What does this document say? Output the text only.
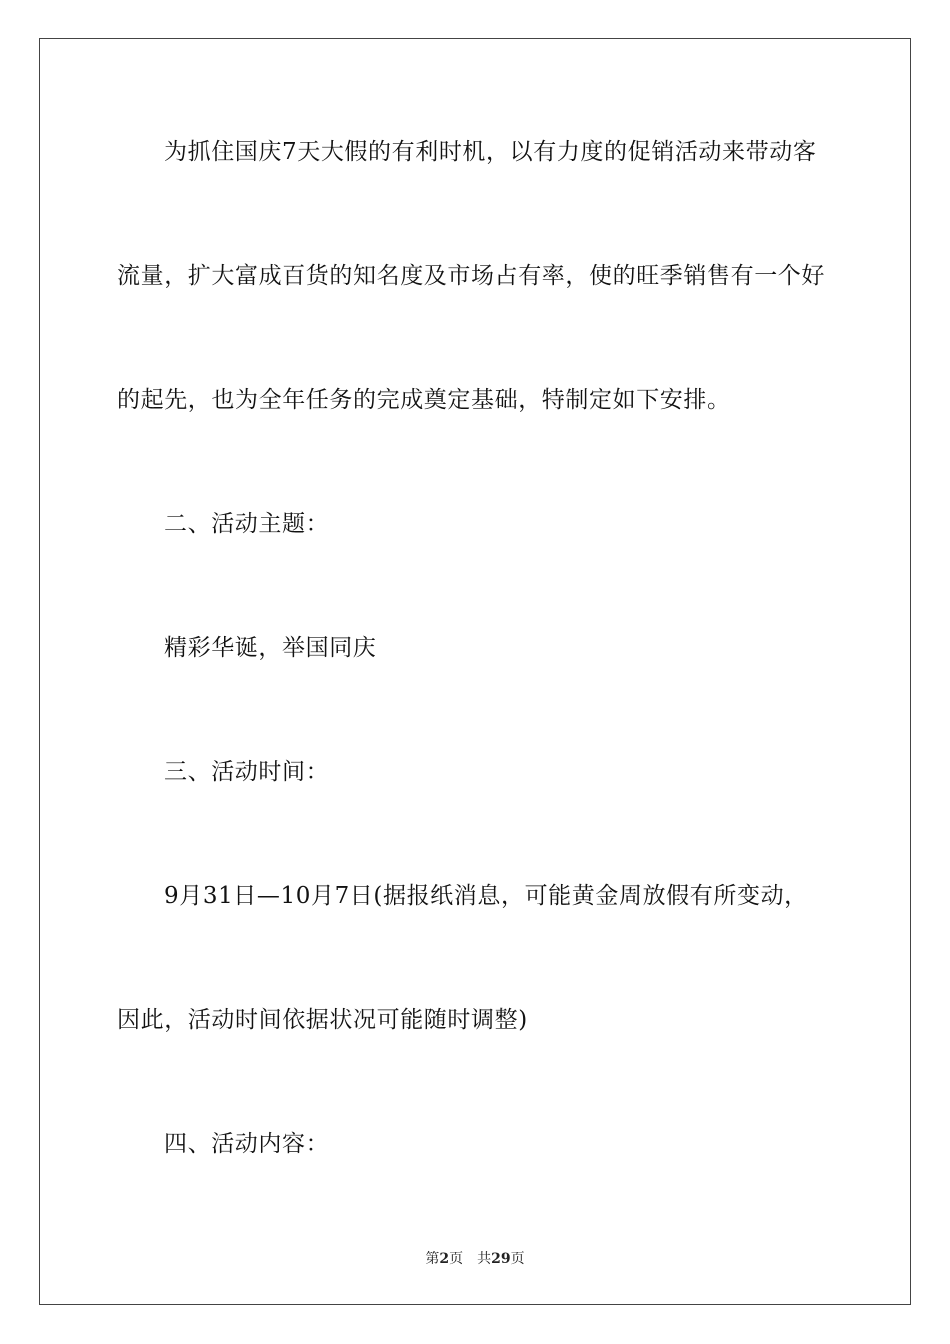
为抓住国庆7天大假的有利时机，以有力度的促销活动来带动客
流量，扩大富成百货的知名度及市场占有率，使的旺季销售有一个好
的起先，也为全年任务的完成奠定基础，特制定如下安排。
二、活动主题：
精彩华诞，举国同庆
三、活动时间：
9月31日—10月7日(据报纸消息，可能黄金周放假有所变动，
因此，活动时间依据状况可能随时调整)
四、活动内容：
第2页 共29页
